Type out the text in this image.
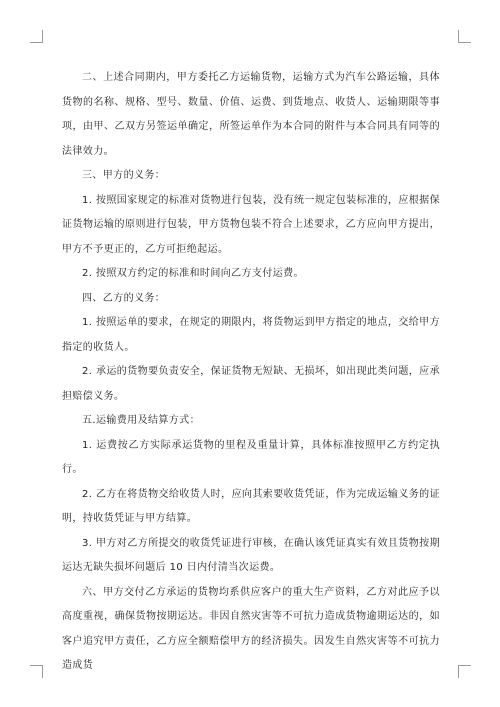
二、上述合同期内，甲方委托乙方运输货物，运输方式为汽车公路运输，具体货物的名称、规格、型号、数量、价值、运费、到货地点、收货人、运输期限等事项，由甲、乙双方另签运单确定，所签运单作为本合同的附件与本合同具有同等的法律效力。

三、甲方的义务：

1. 按照国家规定的标准对货物进行包装，没有统一规定包装标准的，应根据保证货物运输的原则进行包装，甲方货物包装不符合上述要求，乙方应向甲方提出，甲方不予更正的，乙方可拒绝起运。

2. 按照双方约定的标准和时间向乙方支付运费。

四、乙方的义务：

1. 按照运单的要求，在规定的期限内，将货物运到甲方指定的地点，交给甲方指定的收货人。

2. 承运的货物要负责安全，保证货物无短缺、无损坏，如出现此类问题，应承担赔偿义务。

五.运输费用及结算方式：

1. 运费按乙方实际承运货物的里程及重量计算，具体标准按照甲乙方约定执行。

2. 乙方在将货物交给收货人时，应向其索要收货凭证，作为完成运输义务的证明，持收货凭证与甲方结算。

3. 甲方对乙方所提交的收货凭证进行审核，在确认该凭证真实有效且货物按期运达无缺失损坏问题后 10 日内付清当次运费。

六、甲方交付乙方承运的货物均系供应客户的重大生产资料，乙方对此应予以高度重视，确保货物按期运达。非因自然灾害等不可抗力造成货物逾期运达的，如客户追究甲方责任，乙方应全额赔偿甲方的经济损失。因发生自然灾害等不可抗力造成货
